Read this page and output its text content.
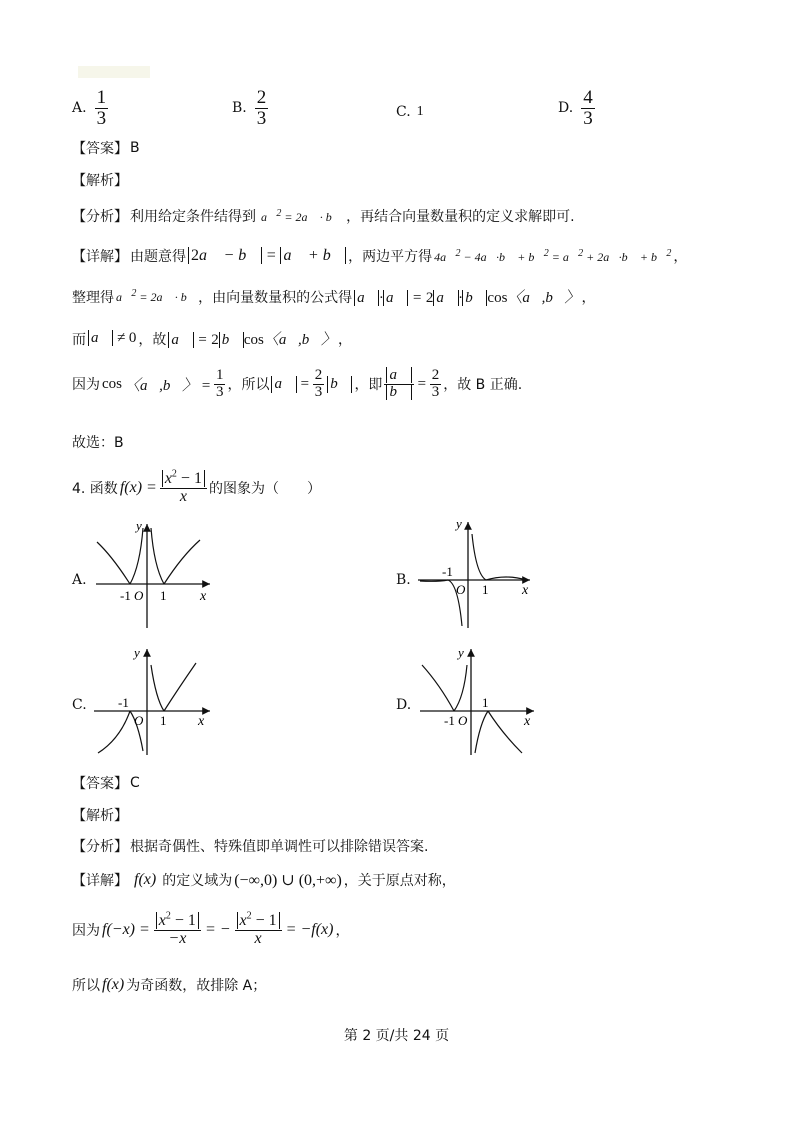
A. $\frac{1}{3}$	B. $\frac{2}{3}$	C. 1	D. $\frac{4}{3}$
【答案】 B
【解析】
【分析】 利用给定条件结得到 a⃗$^2$ = 2a⃗ · b⃗ ，再结合向量数量积的定义求解即可.
【详解】 由题意得 2a⃗ − b⃗ = a⃗ + b⃗ ，两边平方得 4a⃗$^2$ − 4a⃗·b⃗ + b⃗$^2$ = a⃗$^2$ + 2a⃗·b⃗ + b⃗$^2$ ，
整理得 a⃗$^2$ = 2a⃗ · b⃗ ，由向量数量积的公式得 a⃗ · a⃗ = 2 a⃗ · b⃗ cos〈a⃗,b⃗〉 ，
而 a⃗ ≠ 0 ，故 a⃗ = 2 b⃗ cos〈a⃗,b⃗〉 ，
因为 cos 〈a⃗,b⃗〉 = $\frac{1}{3}$ ，所以 a⃗ = $\frac{2}{3}$ b⃗ ，即 $\frac{a⃗}{b⃗} = \frac{2}{3}$ ，故 B 正确.
故选：B
4. 函数 $f(x) = \frac{x^2 - 1}{x}$ 的图象为（　　）
A.
y
x
-1 O 1
B.
y
x
-1
O 1
C.
y
x
-1
O 1
D.
y
x
-1 O
1
【答案】 C
【解析】
【分析】 根据奇偶性、特殊值即单调性可以排除错误答案.
【详解】 f(x) 的定义域为 (−∞,0) ∪ (0,+∞) ，关于原点对称，
因为 $f(-x) = \frac{x^2 - 1}{-x}$ = − $\frac{x^2 - 1}{x} = -f(x)$ ，
所以 f(x) 为奇函数，故排除 A；
第 2 页/共 24 页
